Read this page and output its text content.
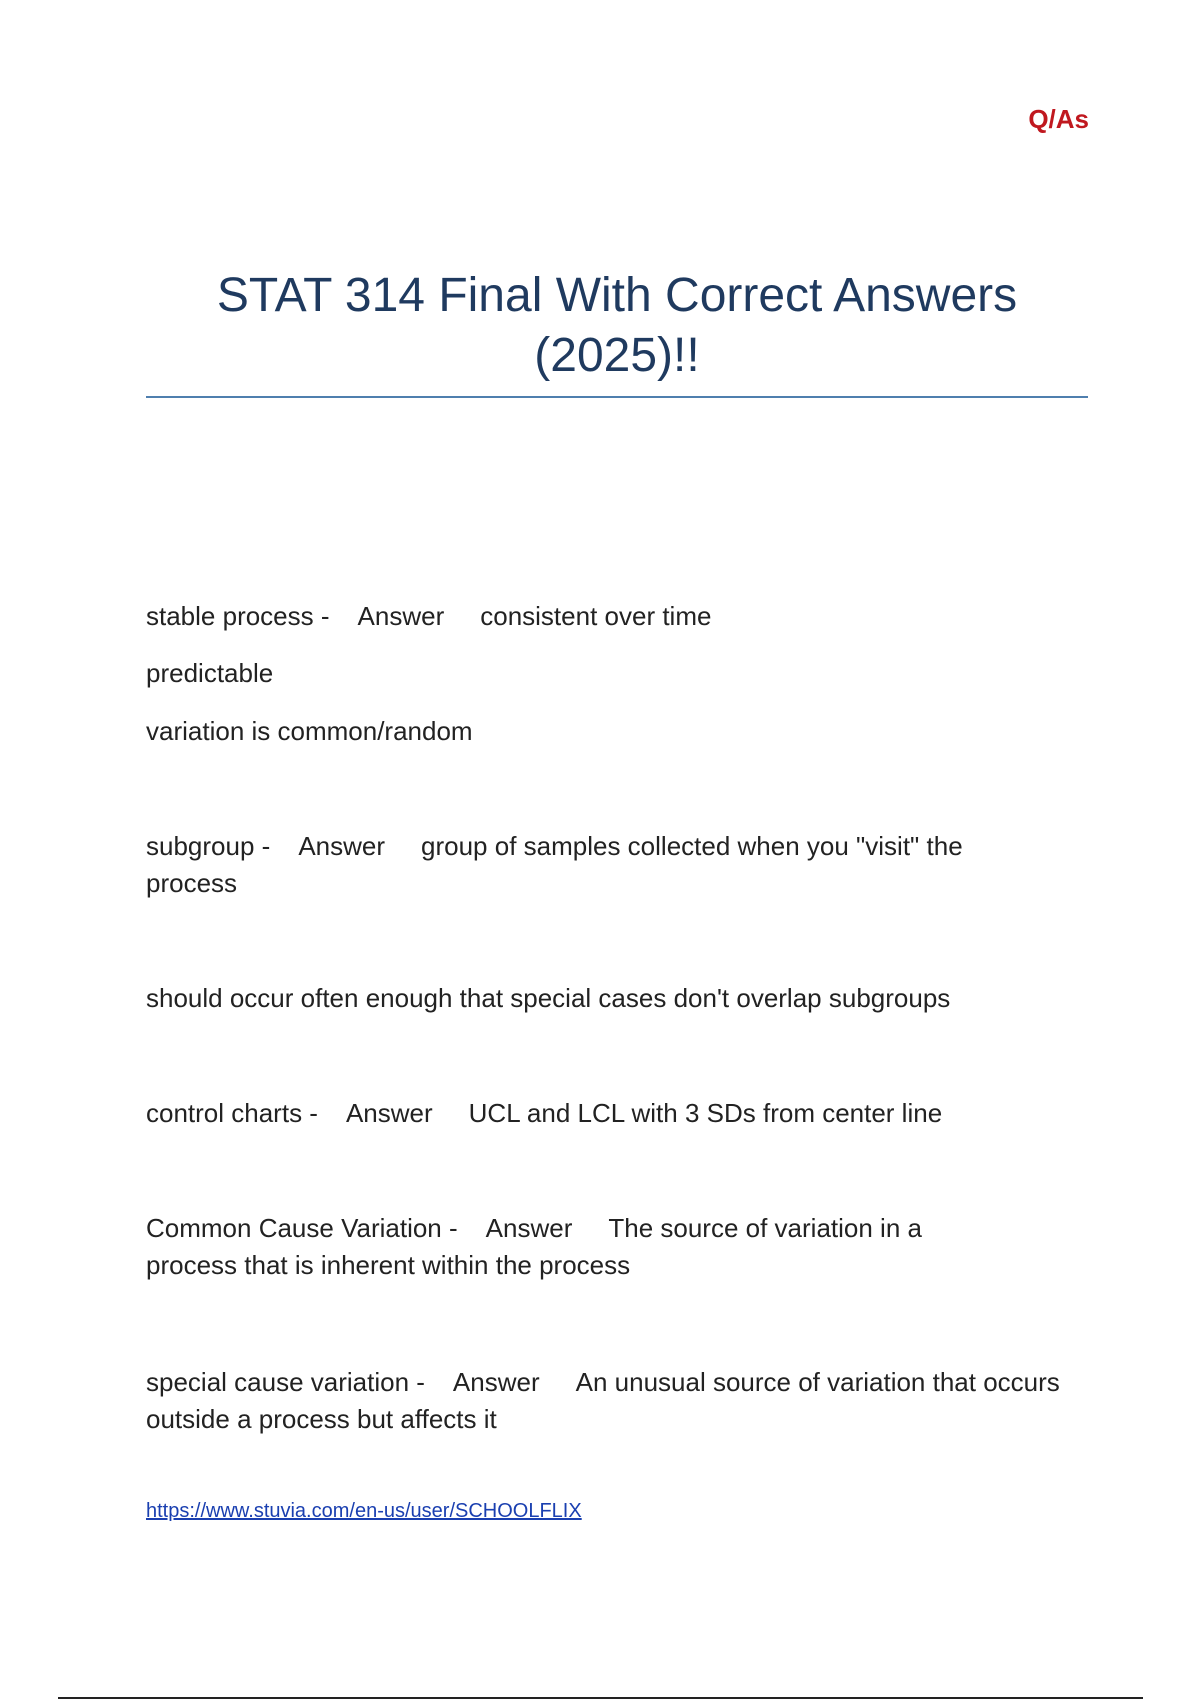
Q/As
STAT 314 Final With Correct Answers (2025)!!
stable process - Answer consistent over time
predictable
variation is common/random
subgroup - Answer group of samples collected when you "visit" the process
should occur often enough that special cases don't overlap subgroups
control charts - Answer UCL and LCL with 3 SDs from center line
Common Cause Variation - Answer The source of variation in a process that is inherent within the process
special cause variation - Answer An unusual source of variation that occurs outside a process but affects it
https://www.stuvia.com/en-us/user/SCHOOLFLIX
